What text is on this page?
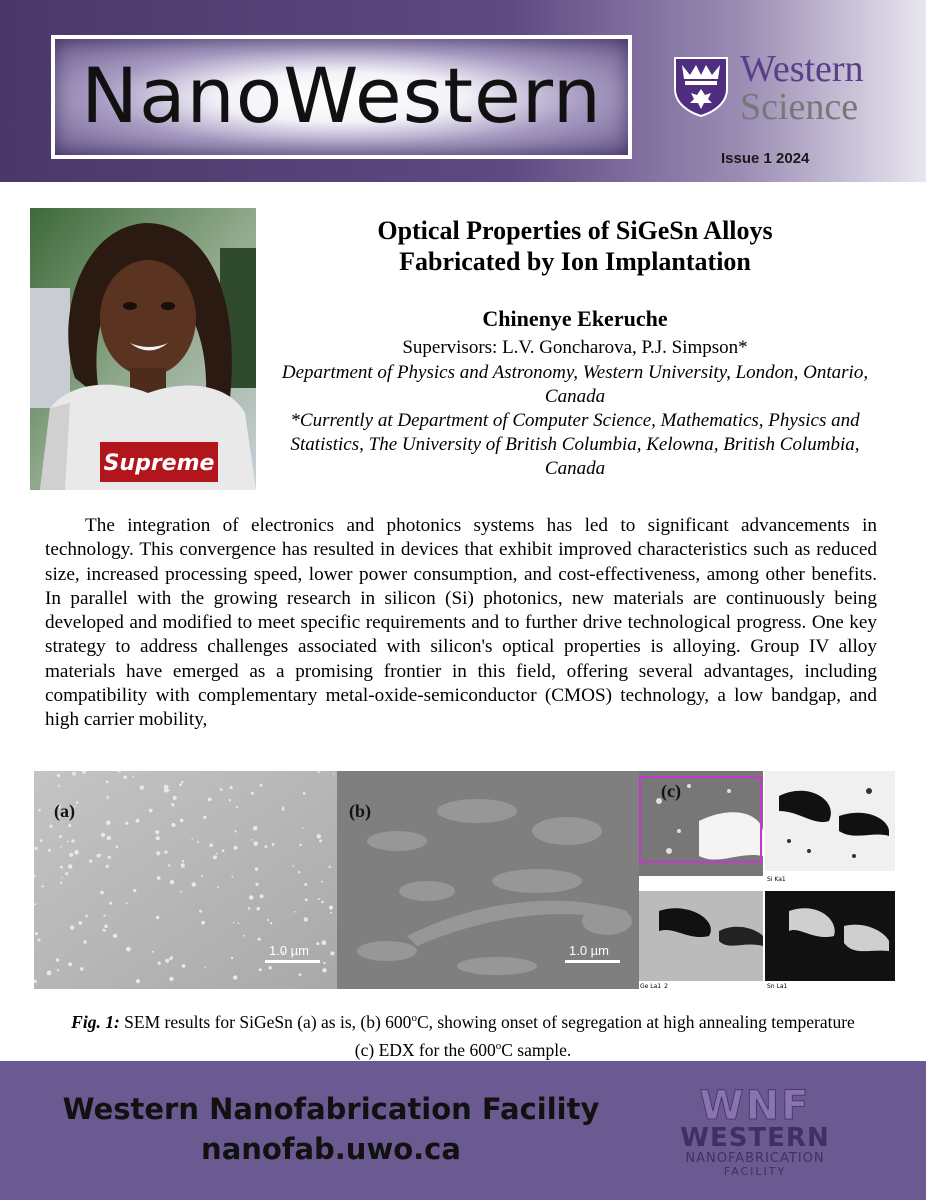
NanoWestern	Western
Science
Issue 1 2024
Supreme
Optical Properties of SiGeSn Alloys
Fabricated by Ion Implantation
Chinenye Ekeruche
Supervisors: L.V. Goncharova, P.J. Simpson*

Department of Physics and Astronomy, Western University, London, Ontario, Canada

*Currently at Department of Computer Science, Mathematics, Physics and Statistics, The University of British Columbia, Kelowna, British Columbia, Canada

The integration of electronics and photonics systems has led to significant advancements in technology. This convergence has resulted in devices that exhibit improved characteristics such as reduced size, increased processing speed, lower power consumption, and cost-effectiveness, among other benefits. In parallel with the growing research in silicon (Si) photonics, new materials are continuously being developed and modified to meet specific requirements and to further drive technological progress. One key strategy to address challenges associated with silicon's optical properties is alloying. Group IV alloy materials have emerged as a promising frontier in this field, offering several advantages, including compatibility with complementary metal-oxide-semiconductor (CMOS) technology, a low bandgap, and high carrier mobility,

(a)
1.0 µm
(b)
1.0 µm
Si Ka1
Ge La1_2	Sn La1
(c)
Fig. 1: SEM results for SiGeSn (a) as is, (b) 600$^o$C, showing onset of segregation at high annealing temperature (c) EDX for the 600$^o$C sample.
Western Nanofabrication Facility
nanofab.uwo.ca
WNF
WESTERN
NANOFABRICATION
FACILITY
